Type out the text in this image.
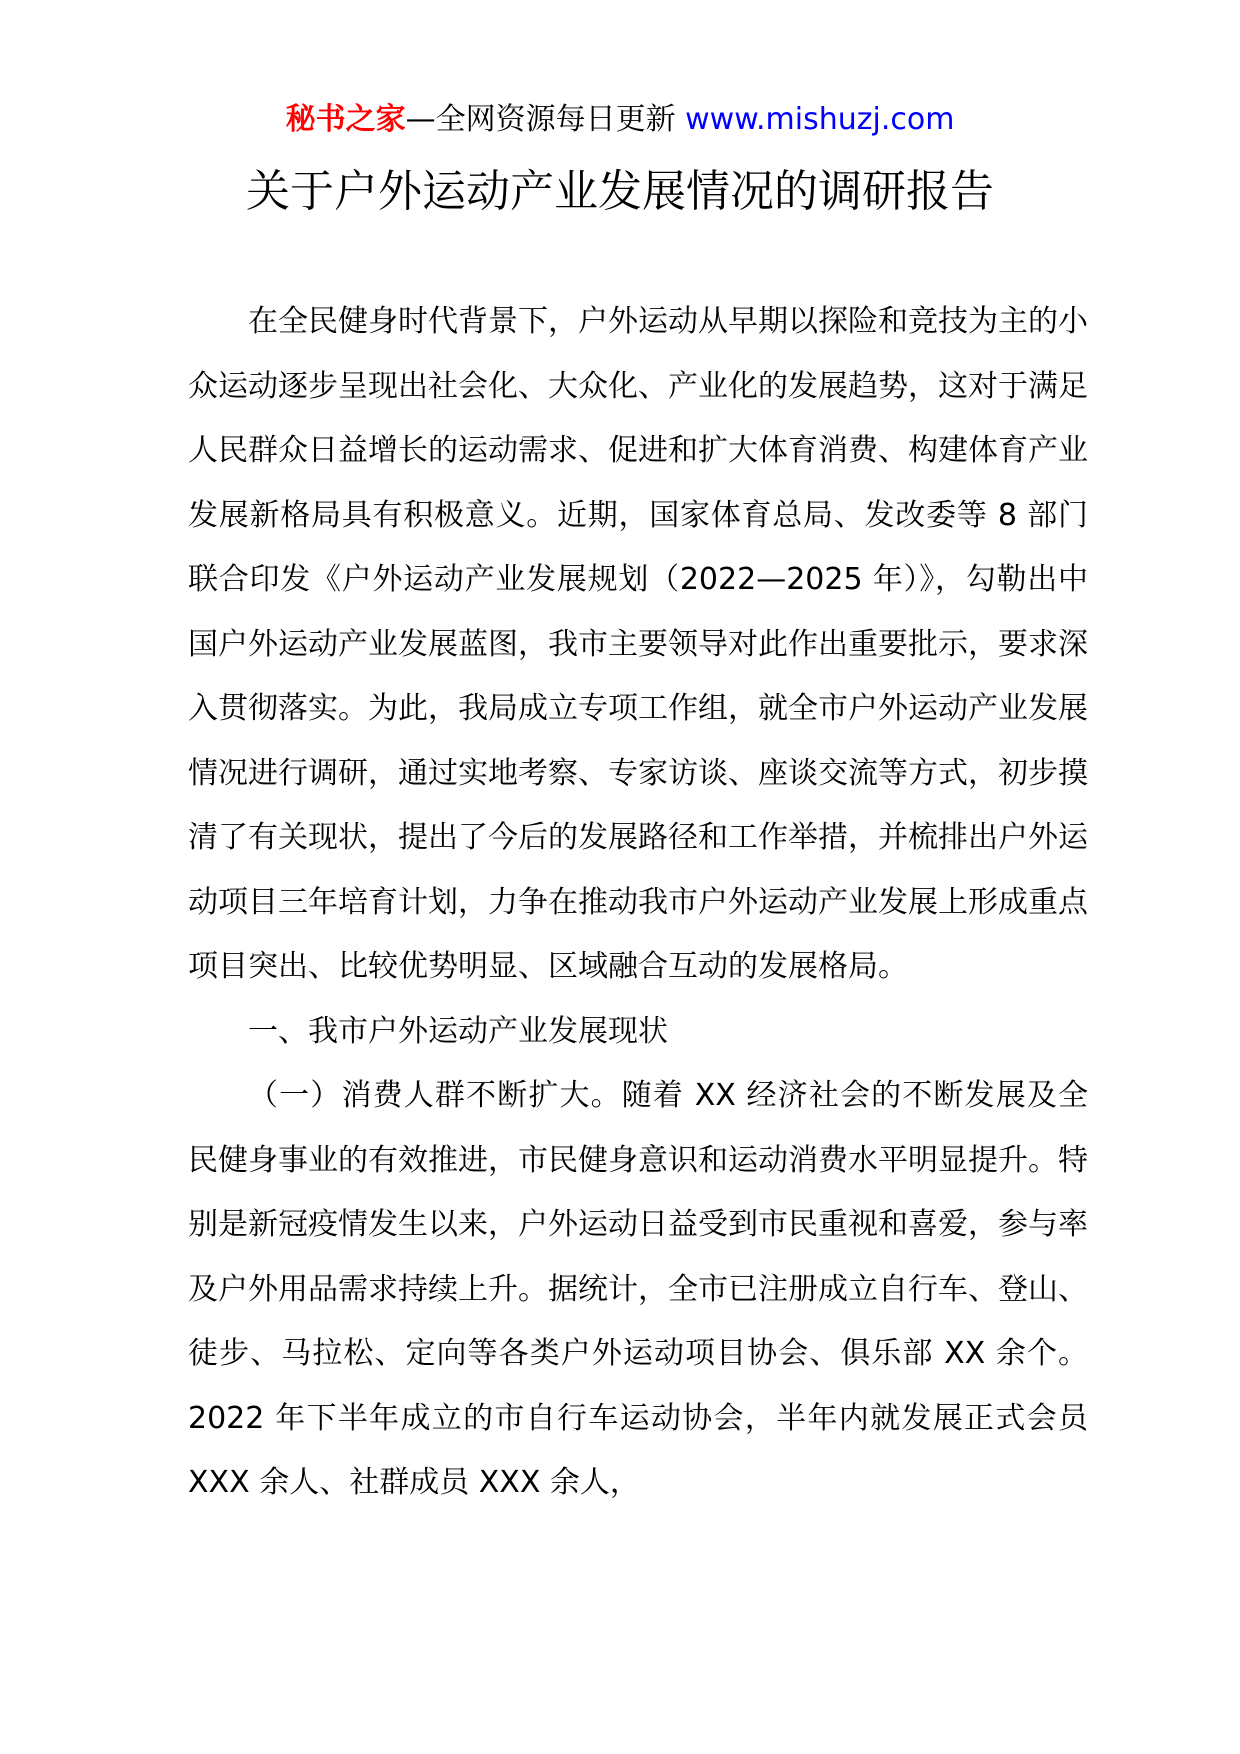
秘书之家—全网资源每日更新 www.mishuzj.com
关于户外运动产业发展情况的调研报告

在全民健身时代背景下，户外运动从早期以探险和竞技为主的小众运动逐步呈现出社会化、大众化、产业化的发展趋势，这对于满足人民群众日益增长的运动需求、促进和扩大体育消费、构建体育产业发展新格局具有积极意义。近期，国家体育总局、发改委等 8 部门联合印发《户外运动产业发展规划（2022—2025 年）》，勾勒出中国户外运动产业发展蓝图，我市主要领导对此作出重要批示，要求深入贯彻落实。为此，我局成立专项工作组，就全市户外运动产业发展情况进行调研，通过实地考察、专家访谈、座谈交流等方式，初步摸清了有关现状，提出了今后的发展路径和工作举措，并梳排出户外运动项目三年培育计划，力争在推动我市户外运动产业发展上形成重点项目突出、比较优势明显、区域融合互动的发展格局。

一、我市户外运动产业发展现状

（一）消费人群不断扩大。随着 XX 经济社会的不断发展及全民健身事业的有效推进，市民健身意识和运动消费水平明显提升。特别是新冠疫情发生以来，户外运动日益受到市民重视和喜爱，参与率及户外用品需求持续上升。据统计，全市已注册成立自行车、登山、徒步、马拉松、定向等各类户外运动项目协会、俱乐部 XX 余个。2022 年下半年成立的市自行车运动协会，半年内就发展正式会员 XXX 余人、社群成员 XXX 余人，
